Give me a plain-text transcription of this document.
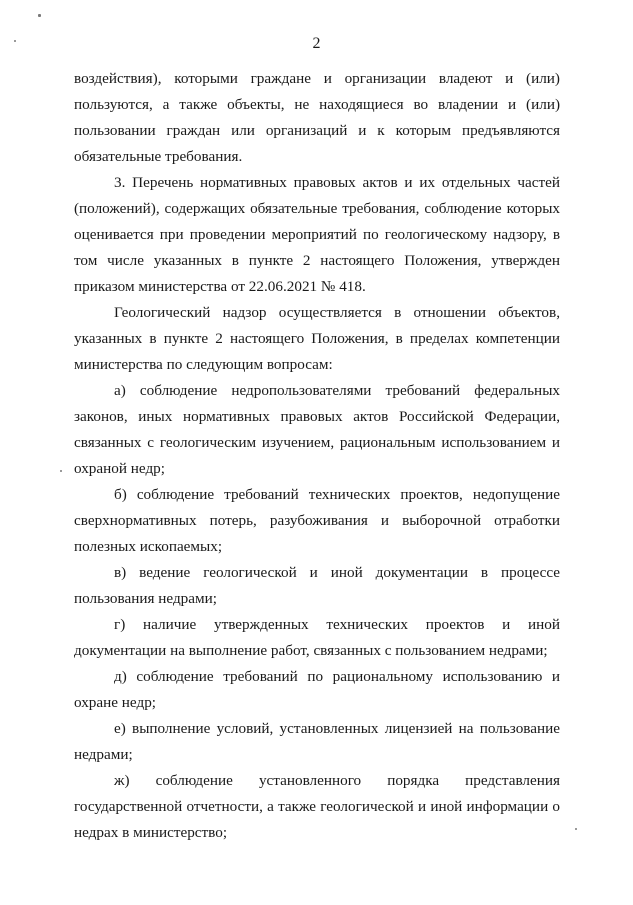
2

воздействия), которыми граждане и организации владеют и (или) пользуются, а также объекты, не находящиеся во владении и (или) пользовании граждан или организаций и к которым предъявляются обязательные требования.

3. Перечень нормативных правовых актов и их отдельных частей (положений), содержащих обязательные требования, соблюдение которых оценивается при проведении мероприятий по геологическому надзору, в том числе указанных в пункте 2 настоящего Положения, утвержден приказом министерства от 22.06.2021 № 418.

Геологический надзор осуществляется в отношении объектов, указанных в пункте 2 настоящего Положения, в пределах компетенции министерства по следующим вопросам:

а) соблюдение недропользователями требований федеральных законов, иных нормативных правовых актов Российской Федерации, связанных с геологическим изучением, рациональным использованием и охраной недр;

б) соблюдение требований технических проектов, недопущение сверхнормативных потерь, разубоживания и выборочной отработки полезных ископаемых;

в) ведение геологической и иной документации в процессе пользования недрами;

г) наличие утвержденных технических проектов и иной документации на выполнение работ, связанных с пользованием недрами;

д) соблюдение требований по рациональному использованию и охране недр;

е) выполнение условий, установленных лицензией на пользование недрами;

ж) соблюдение установленного порядка представления государственной отчетности, а также геологической и иной информации о недрах в министерство;
